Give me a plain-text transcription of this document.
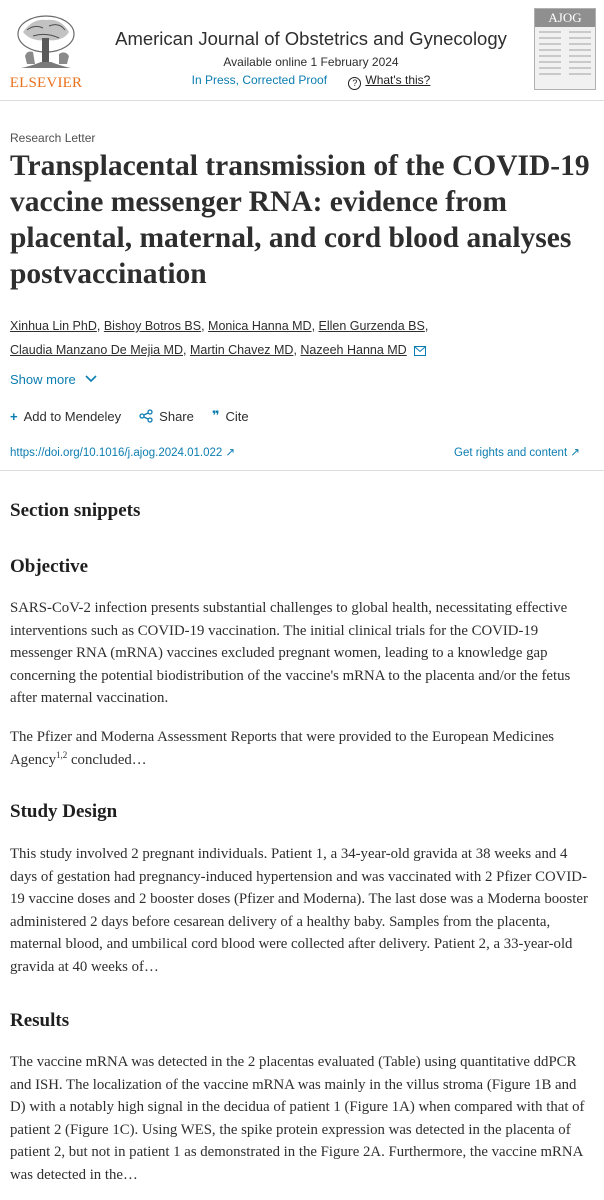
ELSEVIER
American Journal of Obstetrics and Gynecology
Available online 1 February 2024
In Press, Corrected Proof	? What's this?
AJOG
Research Letter
Transplacental transmission of the COVID-19 vaccine messenger RNA: evidence from placental, maternal, and cord blood analyses postvaccination
Xinhua Lin PhD, Bishoy Botros BS, Monica Hanna MD, Ellen Gurzenda BS,
Claudia Manzano De Mejia MD, Martin Chavez MD, Nazeeh Hanna MD
Show more
+ Add to Mendeley	Share ❞ Cite
https://doi.org/10.1016/j.ajog.2024.01.022 ↗	Get rights and content ↗
Section snippets
Objective

SARS-CoV-2 infection presents substantial challenges to global health, necessitating effective interventions such as COVID-19 vaccination. The initial clinical trials for the COVID-19 messenger RNA (mRNA) vaccines excluded pregnant women, leading to a knowledge gap concerning the potential biodistribution of the vaccine's mRNA to the placenta and/or the fetus after maternal vaccination.

The Pfizer and Moderna Assessment Reports that were provided to the European Medicines Agency$^{1,2}$ concluded…

Study Design

This study involved 2 pregnant individuals. Patient 1, a 34-year-old gravida at 38 weeks and 4 days of gestation had pregnancy-induced hypertension and was vaccinated with 2 Pfizer COVID-19 vaccine doses and 2 booster doses (Pfizer and Moderna). The last dose was a Moderna booster administered 2 days before cesarean delivery of a healthy baby. Samples from the placenta, maternal blood, and umbilical cord blood were collected after delivery. Patient 2, a 33-year-old gravida at 40 weeks of…

Results

The vaccine mRNA was detected in the 2 placentas evaluated (Table) using quantitative ddPCR and ISH. The localization of the vaccine mRNA was mainly in the villus stroma (Figure 1B and D) with a notably high signal in the decidua of patient 1 (Figure 1A) when compared with that of patient 2 (Figure 1C). Using WES, the spike protein expression was detected in the placenta of patient 2, but not in patient 1 as demonstrated in the Figure 2A. Furthermore, the vaccine mRNA was detected in the…
